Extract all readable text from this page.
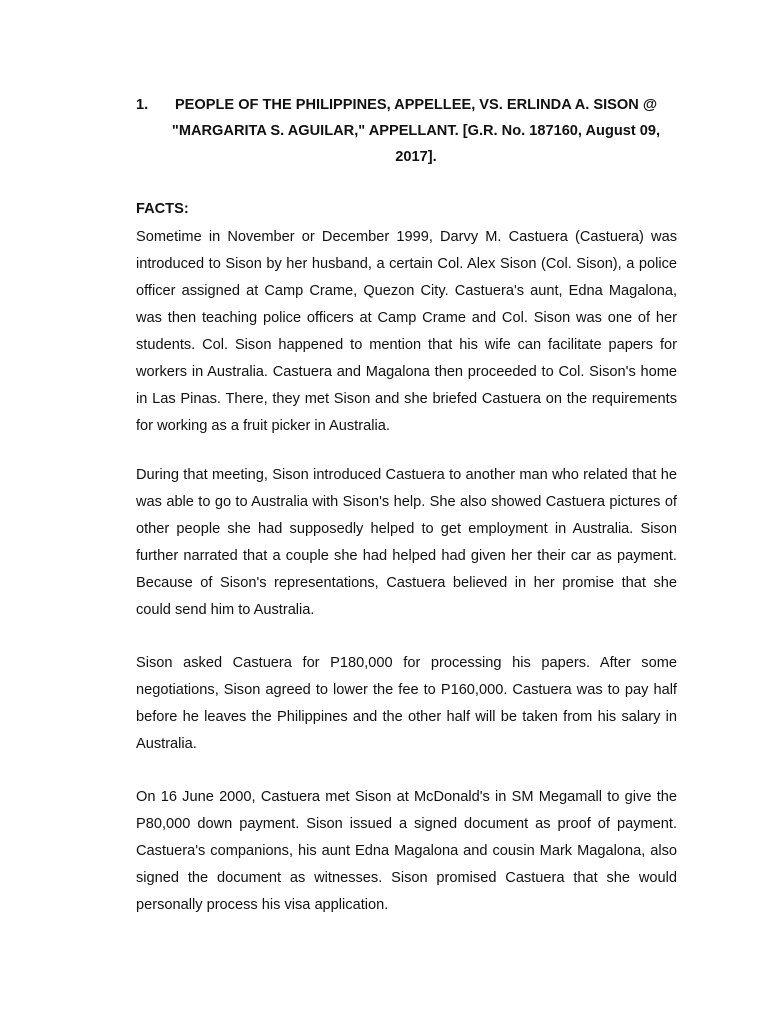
1.	PEOPLE OF THE PHILIPPINES, APPELLEE, VS. ERLINDA A. SISON @ "MARGARITA S. AGUILAR," APPELLANT. [G.R. No. 187160, August 09, 2017].
FACTS:

Sometime in November or December 1999, Darvy M. Castuera (Castuera) was introduced to Sison by her husband, a certain Col. Alex Sison (Col. Sison), a police officer assigned at Camp Crame, Quezon City. Castuera's aunt, Edna Magalona, was then teaching police officers at Camp Crame and Col. Sison was one of her students. Col. Sison happened to mention that his wife can facilitate papers for workers in Australia. Castuera and Magalona then proceeded to Col. Sison's home in Las Pinas. There, they met Sison and she briefed Castuera on the requirements for working as a fruit picker in Australia.

During that meeting, Sison introduced Castuera to another man who related that he was able to go to Australia with Sison's help. She also showed Castuera pictures of other people she had supposedly helped to get employment in Australia. Sison further narrated that a couple she had helped had given her their car as payment. Because of Sison's representations, Castuera believed in her promise that she could send him to Australia.

Sison asked Castuera for P180,000 for processing his papers. After some negotiations, Sison agreed to lower the fee to P160,000. Castuera was to pay half before he leaves the Philippines and the other half will be taken from his salary in Australia.

On 16 June 2000, Castuera met Sison at McDonald's in SM Megamall to give the P80,000 down payment. Sison issued a signed document as proof of payment. Castuera's companions, his aunt Edna Magalona and cousin Mark Magalona, also signed the document as witnesses. Sison promised Castuera that she would personally process his visa application.
